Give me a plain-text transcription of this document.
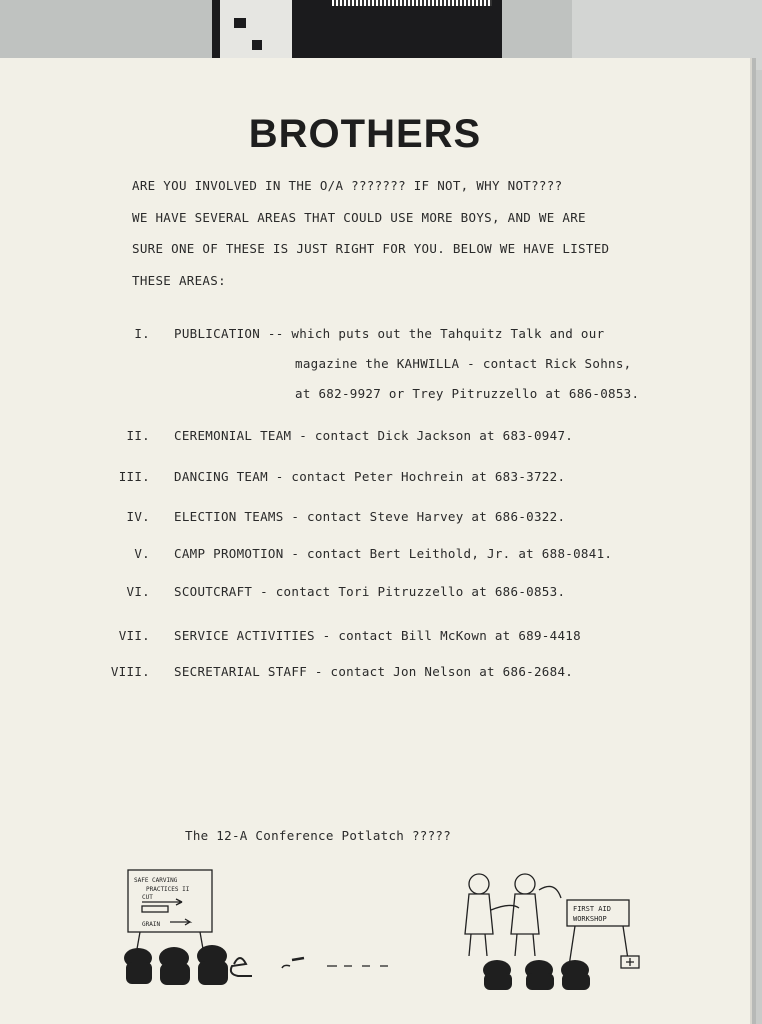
BROTHERS
ARE YOU INVOLVED IN THE O/A ??????? IF NOT, WHY NOT????
WE HAVE SEVERAL AREAS THAT COULD USE MORE BOYS, AND WE ARE
SURE ONE OF THESE IS JUST RIGHT FOR YOU. BELOW WE HAVE LISTED
THESE AREAS:
I. PUBLICATION -- which puts out the Tahquitz Talk and our
magazine the KAHWILLA - contact Rick Sohns,
at 682-9927 or Trey Pitruzzello at 686-0853.
II. CEREMONIAL TEAM - contact Dick Jackson at 683-0947.
III. DANCING TEAM - contact Peter Hochrein at 683-3722.
IV. ELECTION TEAMS - contact Steve Harvey at 686-0322.
V. CAMP PROMOTION - contact Bert Leithold, Jr. at 688-0841.
VI. SCOUTCRAFT - contact Tori Pitruzzello at 686-0853.
VII. SERVICE ACTIVITIES - contact Bill McKown at 689-4418
VIII. SECRETARIAL STAFF - contact Jon Nelson at 686-2684.
The 12-A Conference Potlatch ?????
SAFE CARVING
PRACTICES II
CUT
GRAIN
FIRST AID
WORKSHOP
